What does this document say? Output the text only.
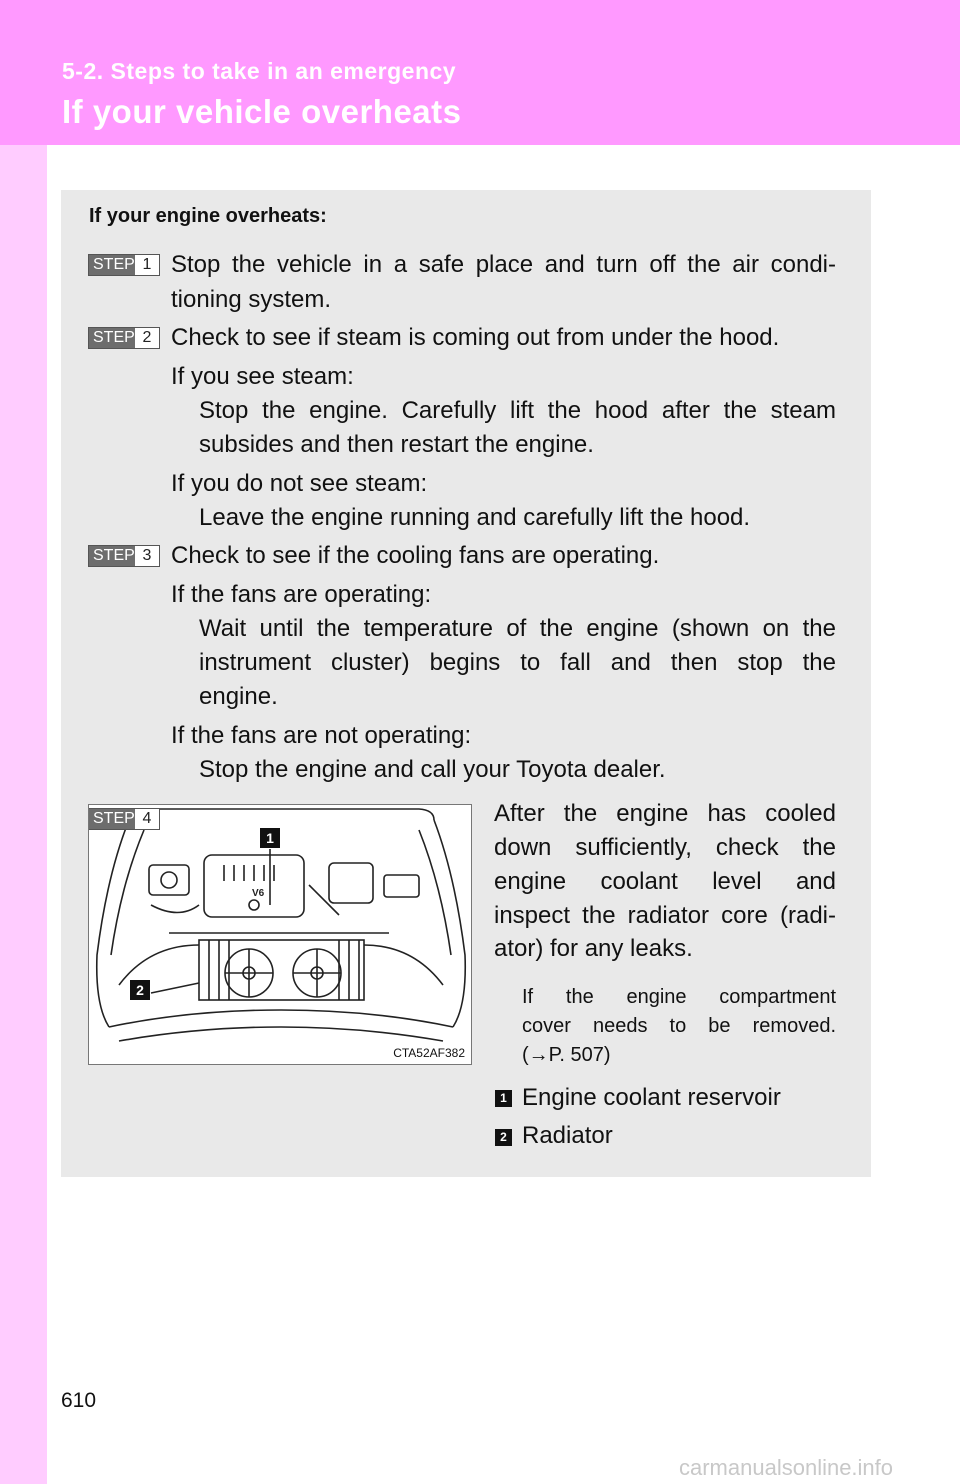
5-2. Steps to take in an emergency
If your vehicle overheats
If your engine overheats:
STEP 1 Stop the vehicle in a safe place and turn off the air condi-
tioning system.
STEP 2 Check to see if steam is coming out from under the hood.
If you see steam:
Stop the engine. Carefully lift the hood after the steam
subsides and then restart the engine.
If you do not see steam:
Leave the engine running and carefully lift the hood.
STEP 3 Check to see if the cooling fans are operating.
If the fans are operating:
Wait until the temperature of the engine (shown on the
instrument cluster) begins to fall and then stop the
engine.
If the fans are not operating:
Stop the engine and call your Toyota dealer.
V6
STEP 4
1
2
CTA52AF382
After the engine has cooled
down sufficiently, check the
engine coolant level and
inspect the radiator core (radi-
ator) for any leaks.
If the engine compartment
cover needs to be removed.
(→P. 507)
1 Engine coolant reservoir
2 Radiator
610
carmanualsonline.info
